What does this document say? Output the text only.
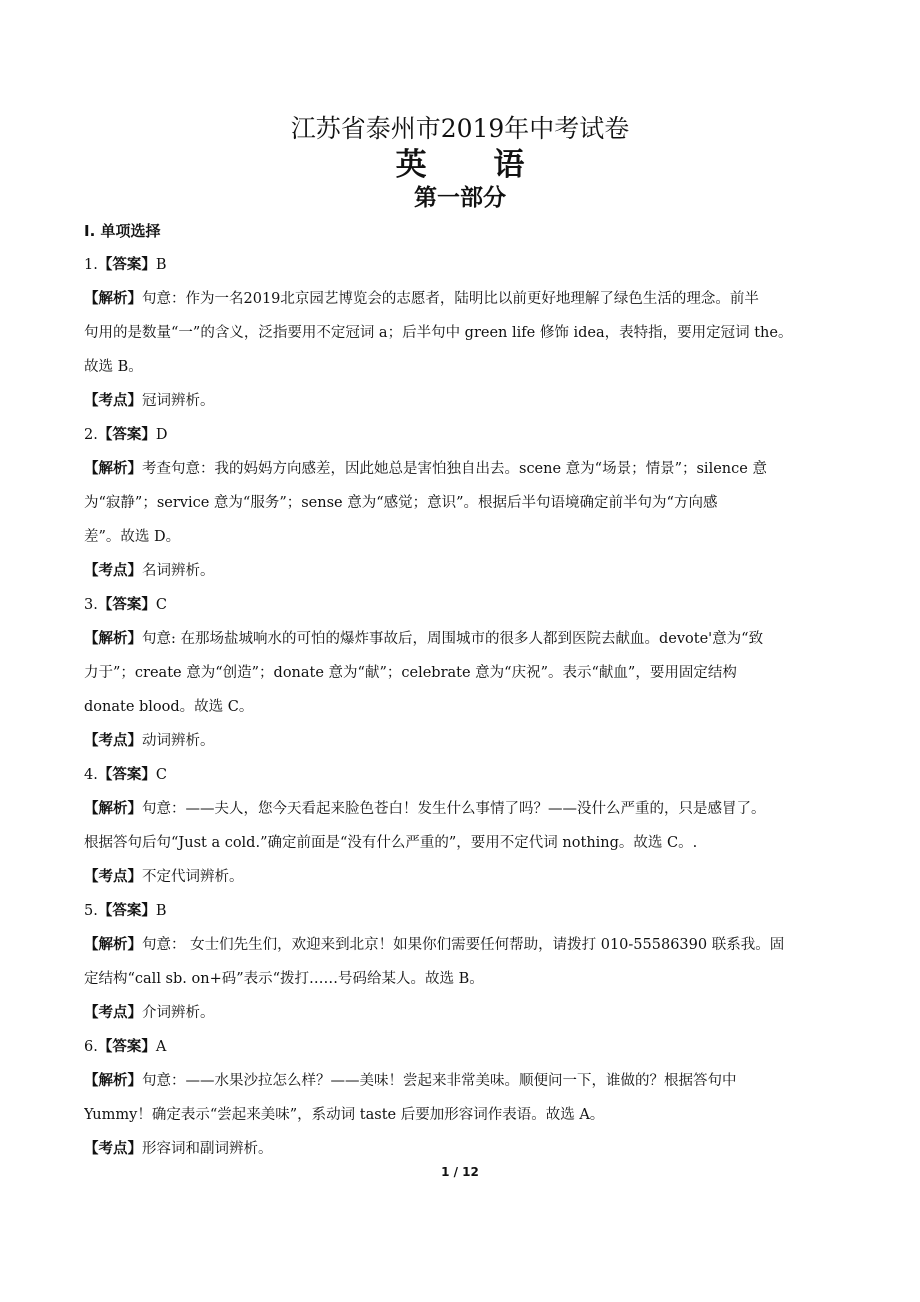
江苏省泰州市2019年中考试卷
英 语
第一部分
Ⅰ. 单项选择
1.【答案】B
【解析】句意：作为一名2019北京园艺博览会的志愿者，陆明比以前更好地理解了绿色生活的理念。前半
句用的是数量“一”的含义，泛指要用不定冠词 a；后半句中 green life 修饰 idea，表特指，要用定冠词 the。
故选 B。
【考点】冠词辨析。
2.【答案】D
【解析】考查句意：我的妈妈方向感差，因此她总是害怕独自出去。scene 意为“场景；情景”；silence 意
为“寂静”；service 意为“服务”；sense 意为“感觉；意识”。根据后半句语境确定前半句为“方向感
差”。故选 D。
【考点】名词辨析。
3.【答案】C
【解析】句意: 在那场盐城响水的可怕的爆炸事故后，周围城市的很多人都到医院去献血。devote'意为“致
力于”；create 意为“创造”；donate 意为“献”；celebrate 意为“庆祝”。表示“献血”，要用固定结构
donate blood。故选 C。
【考点】动词辨析。
4.【答案】C
【解析】句意：——夫人，您今天看起来脸色苍白！发生什么事情了吗？——没什么严重的，只是感冒了。
根据答句后句“Just a cold.”确定前面是“没有什么严重的”，要用不定代词 nothing。故选 C。.
【考点】不定代词辨析。
5.【答案】B
【解析】句意： 女士们先生们，欢迎来到北京！如果你们需要任何帮助，请拨打 010-55586390 联系我。固
定结构“call sb. on+码”表示“拨打……号码给某人。故选 B。
【考点】介词辨析。
6.【答案】A
【解析】句意：——水果沙拉怎么样？——美味！尝起来非常美味。顺便问一下，谁做的？根据答句中
Yummy！确定表示“尝起来美味”，系动词 taste 后要加形容词作表语。故选 A。
【考点】形容词和副词辨析。
1 / 12
